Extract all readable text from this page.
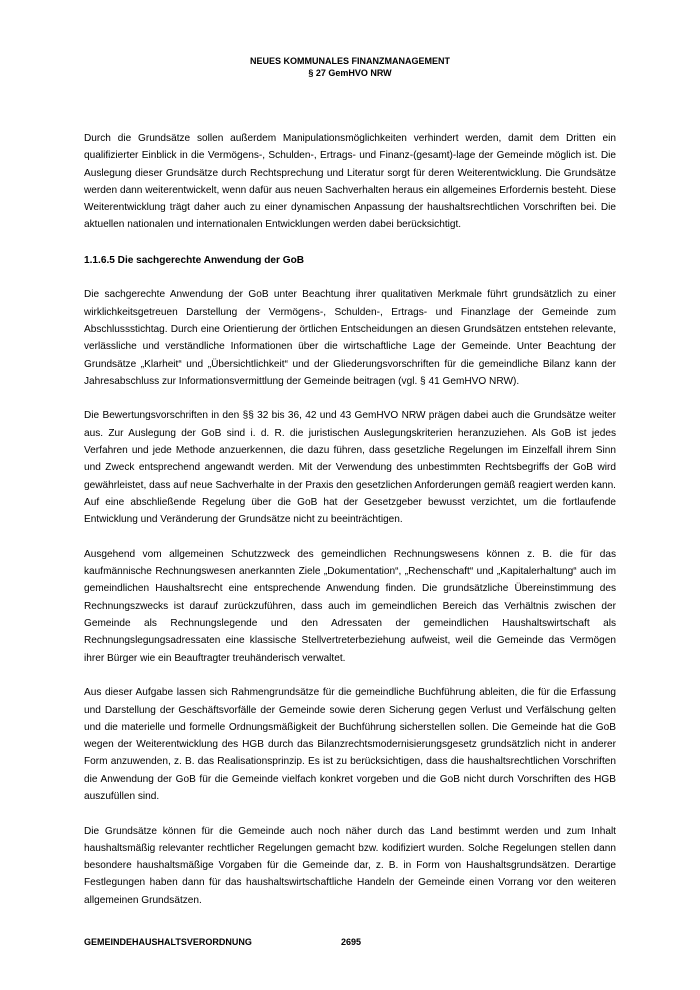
NEUES KOMMUNALES FINANZMANAGEMENT
§ 27 GemHVO NRW

Durch die Grundsätze sollen außerdem Manipulationsmöglichkeiten verhindert werden, damit dem Dritten ein qualifizierter Einblick in die Vermögens-, Schulden-, Ertrags- und Finanz-(gesamt)-lage der Gemeinde möglich ist. Die Auslegung dieser Grundsätze durch Rechtsprechung und Literatur sorgt für deren Weiterentwicklung. Die Grundsätze werden dann weiterentwickelt, wenn dafür aus neuen Sachverhalten heraus ein allgemeines Erfordernis besteht. Diese Weiterentwicklung trägt daher auch zu einer dynamischen Anpassung der haushaltsrechtlichen Vorschriften bei. Die aktuellen nationalen und internationalen Entwicklungen werden dabei berücksichtigt.

1.1.6.5 Die sachgerechte Anwendung der GoB

Die sachgerechte Anwendung der GoB unter Beachtung ihrer qualitativen Merkmale führt grundsätzlich zu einer wirklichkeitsgetreuen Darstellung der Vermögens-, Schulden-, Ertrags- und Finanzlage der Gemeinde zum Abschlussstichtag. Durch eine Orientierung der örtlichen Entscheidungen an diesen Grundsätzen entstehen relevante, verlässliche und verständliche Informationen über die wirtschaftliche Lage der Gemeinde. Unter Beachtung der Grundsätze „Klarheit“ und „Übersichtlichkeit“ und der Gliederungsvorschriften für die gemeindliche Bilanz kann der Jahresabschluss zur Informationsvermittlung der Gemeinde beitragen (vgl. § 41 GemHVO NRW).

Die Bewertungsvorschriften in den §§ 32 bis 36, 42 und 43 GemHVO NRW prägen dabei auch die Grundsätze weiter aus. Zur Auslegung der GoB sind i. d. R. die juristischen Auslegungskriterien heranzuziehen. Als GoB ist jedes Verfahren und jede Methode anzuerkennen, die dazu führen, dass gesetzliche Regelungen im Einzelfall ihrem Sinn und Zweck entsprechend angewandt werden. Mit der Verwendung des unbestimmten Rechtsbegriffs der GoB wird gewährleistet, dass auf neue Sachverhalte in der Praxis den gesetzlichen Anforderungen gemäß reagiert werden kann. Auf eine abschließende Regelung über die GoB hat der Gesetzgeber bewusst verzichtet, um die fortlaufende Entwicklung und Veränderung der Grundsätze nicht zu beeinträchtigen.

Ausgehend vom allgemeinen Schutzzweck des gemeindlichen Rechnungswesens können z. B. die für das kaufmännische Rechnungswesen anerkannten Ziele „Dokumentation“, „Rechenschaft“ und „Kapitalerhaltung“ auch im gemeindlichen Haushaltsrecht eine entsprechende Anwendung finden. Die grundsätzliche Übereinstimmung des Rechnungszwecks ist darauf zurückzuführen, dass auch im gemeindlichen Bereich das Verhältnis zwischen der Gemeinde als Rechnungslegende und den Adressaten der gemeindlichen Haushaltswirtschaft als Rechnungslegungsadressaten eine klassische Stellvertreterbeziehung aufweist, weil die Gemeinde das Vermögen ihrer Bürger wie ein Beauftragter treuhänderisch verwaltet.

Aus dieser Aufgabe lassen sich Rahmengrundsätze für die gemeindliche Buchführung ableiten, die für die Erfassung und Darstellung der Geschäftsvorfälle der Gemeinde sowie deren Sicherung gegen Verlust und Verfälschung gelten und die materielle und formelle Ordnungsmäßigkeit der Buchführung sicherstellen sollen. Die Gemeinde hat die GoB wegen der Weiterentwicklung des HGB durch das Bilanzrechtsmodernisierungsgesetz grundsätzlich nicht in anderer Form anzuwenden, z. B. das Realisationsprinzip. Es ist zu berücksichtigen, dass die haushaltsrechtlichen Vorschriften die Anwendung der GoB für die Gemeinde vielfach konkret vorgeben und die GoB nicht durch Vorschriften des HGB auszufüllen sind.

Die Grundsätze können für die Gemeinde auch noch näher durch das Land bestimmt werden und zum Inhalt haushaltsmäßig relevanter rechtlicher Regelungen gemacht bzw. kodifiziert wurden. Solche Regelungen stellen dann besondere haushaltsmäßige Vorgaben für die Gemeinde dar, z. B. in Form von Haushaltsgrundsätzen. Derartige Festlegungen haben dann für das haushaltswirtschaftliche Handeln der Gemeinde einen Vorrang vor den weiteren allgemeinen Grundsätzen.

GEMEINDEHAUSHALTSVERORDNUNG	2695
